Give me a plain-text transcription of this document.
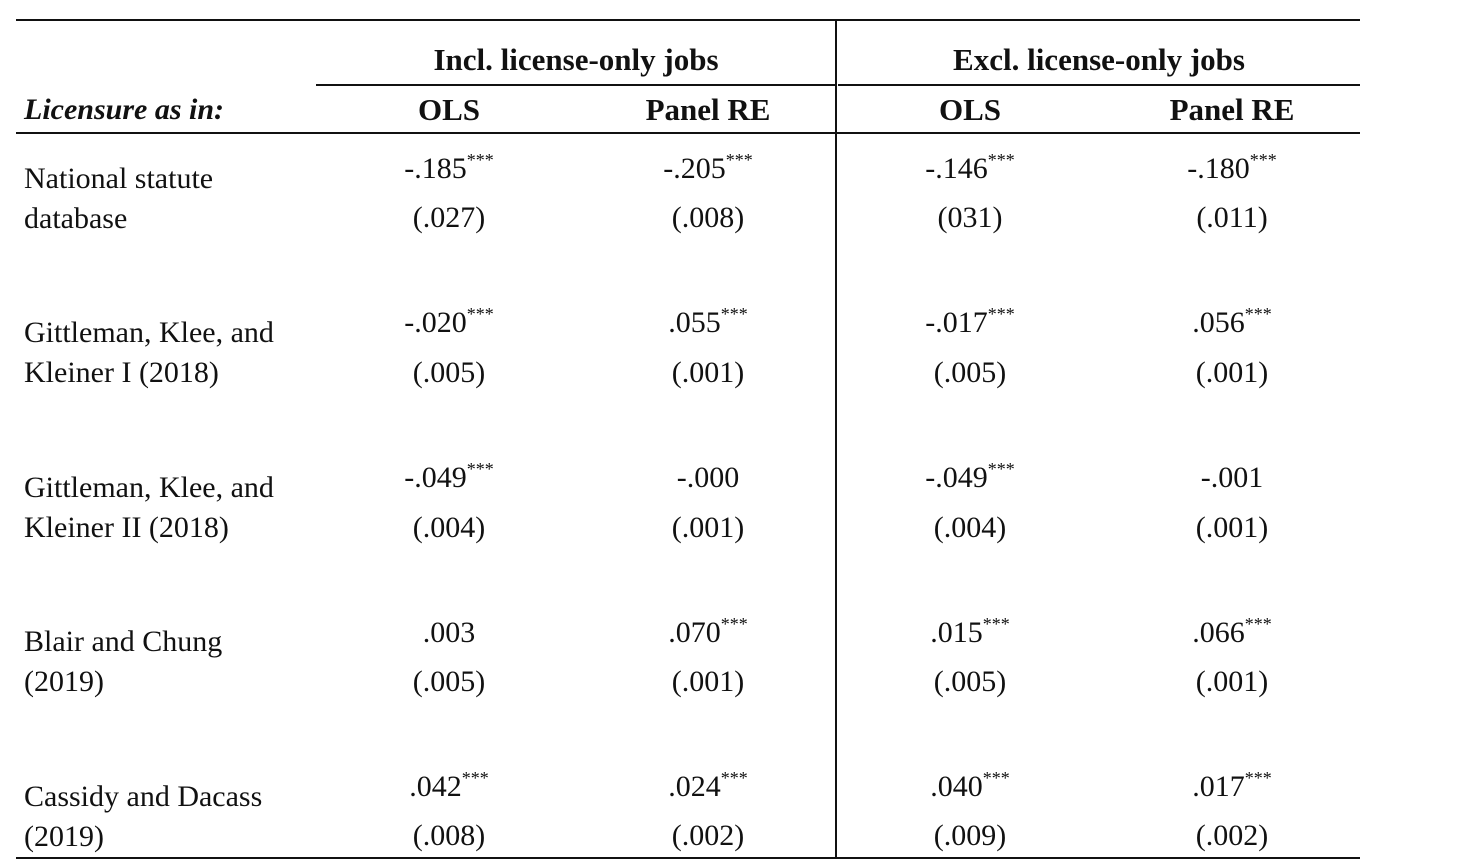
Incl. license-only jobs	Excl. license-only jobs
Licensure as in:	OLS	Panel RE	OLS	Panel RE
National statute
database
-.185***	-.205***	-.146***	-.180***
(.027)	(.008)	(031)	(.011)
Gittleman, Klee, and
Kleiner I (2018)
-.020***	.055***	-.017***	.056***
(.005)	(.001)	(.005)	(.001)
Gittleman, Klee, and
Kleiner II (2018)
-.049***	-.000	-.049***	-.001
(.004)	(.001)	(.004)	(.001)
Blair and Chung
(2019)
.003	.070***	.015***	.066***
(.005)	(.001)	(.005)	(.001)
Cassidy and Dacass
(2019)
.042***	.024***	.040***	.017***
(.008)	(.002)	(.009)	(.002)
